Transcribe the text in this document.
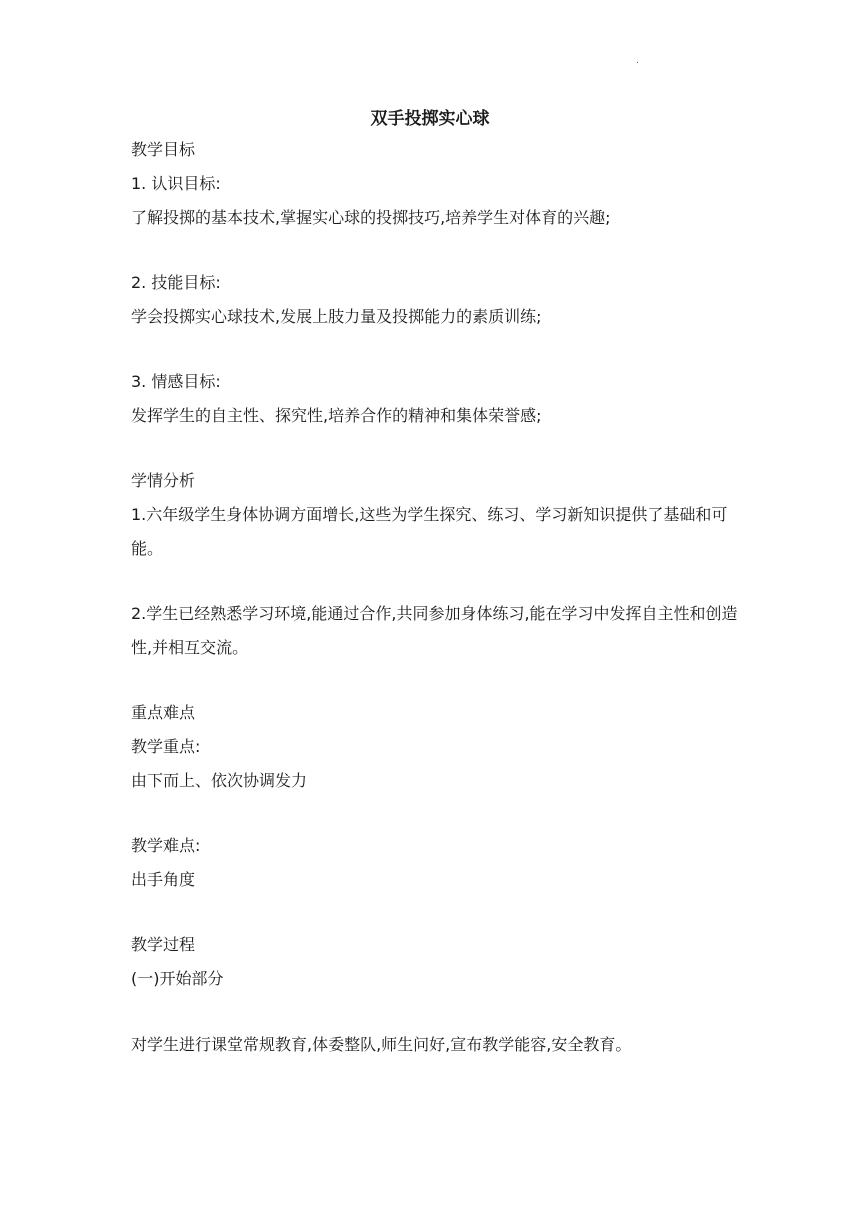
.
双手投掷实心球
教学目标
1. 认识目标:
了解投掷的基本技术,掌握实心球的投掷技巧,培养学生对体育的兴趣;
2. 技能目标:
学会投掷实心球技术,发展上肢力量及投掷能力的素质训练;
3. 情感目标:
发挥学生的自主性、探究性,培养合作的精神和集体荣誉感;
学情分析
1.六年级学生身体协调方面增长,这些为学生探究、练习、学习新知识提供了基础和可能。
2.学生已经熟悉学习环境,能通过合作,共同参加身体练习,能在学习中发挥自主性和创造性,并相互交流。
重点难点
教学重点:
由下而上、依次协调发力
教学难点:
出手角度
教学过程
(一)开始部分
对学生进行课堂常规教育,体委整队,师生问好,宣布教学能容,安全教育。
